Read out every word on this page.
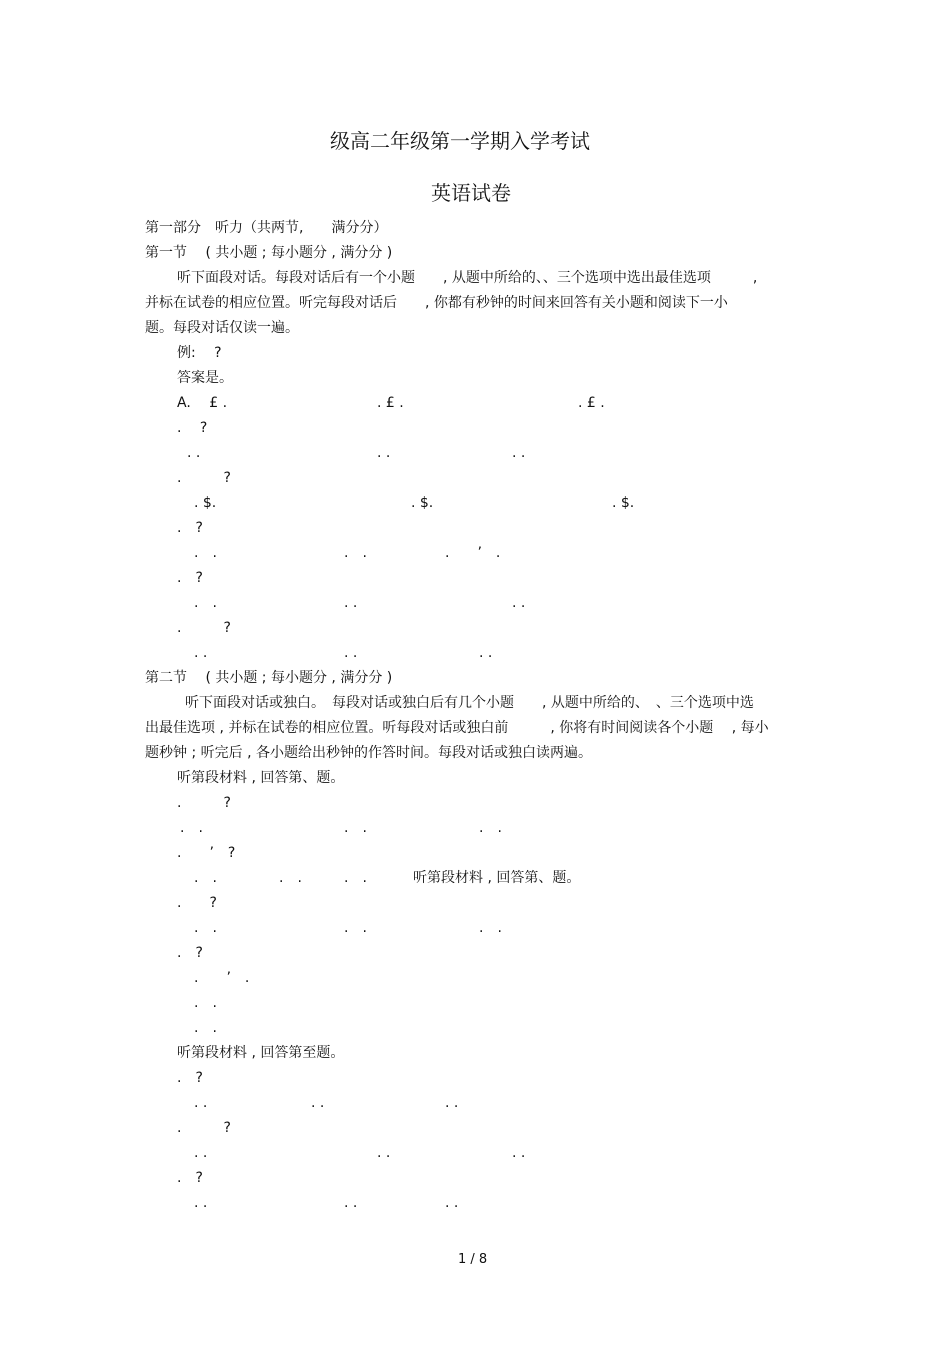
级高二年级第一学期入学考试
英语试卷
第一部分　听力（共两节,　　满分分）
第一节　 ( 共小题 ; 每小题分 , 满分分 )
听下面段对话。每段对话后有一个小题　　, 从题中所给的、、三个选项中选出最佳选项　　　,
并标在试卷的相应位置。听完每段对话后　　, 你都有秒钟的时间来回答有关小题和阅读下一小
题。每段对话仅读一遍。
例:　 ?
答案是。
A.　 £ .	. £ .	. £ .
.　 ?
. .	. .	. .
.　　　?
. $.	. $.	. $.
.　?
.　.	.　.	.　　’　.
.　?
.　.	. .	. .
.　　　?
. .	. .	. .
第二节　 ( 共小题 ; 每小题分 , 满分分 )
听下面段对话或独白。　每段对话或独白后有几个小题　　, 从题中所给的、　、三个选项中选
出最佳选项 , 并标在试卷的相应位置。听每段对话或独白前　　　, 你将有时间阅读各个小题　 , 每小
题秒钟 ; 听完后 , 各小题给出秒钟的作答时间。每段对话或独白读两遍。
听第段材料 , 回答第、题。
.　　　?
.　.	.　.	.　.
.　　’　?
.　.	.　.	.　.	听第段材料 , 回答第、题。
.　　?
.　.	.　.	.　.
.　?
.　　’　.
.　.
.　.
听第段材料 , 回答第至题。
.　?
. .	. .	. .
.　　　?
. .	. .	. .
.　?
. .	. .	. .
1 / 8
